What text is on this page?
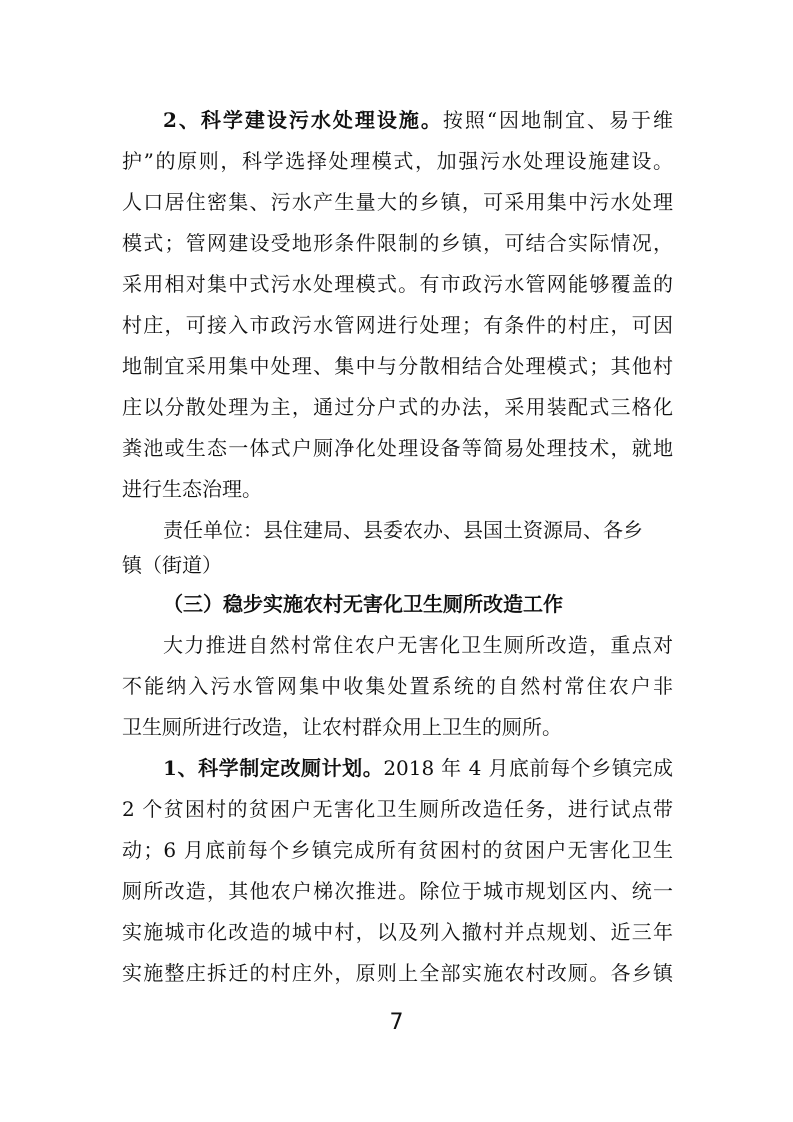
2、科学建设污水处理设施。按照“因地制宜、易于维
护”的原则，科学选择处理模式，加强污水处理设施建设。
人口居住密集、污水产生量大的乡镇，可采用集中污水处理
模式；管网建设受地形条件限制的乡镇，可结合实际情况，
采用相对集中式污水处理模式。有市政污水管网能够覆盖的
村庄，可接入市政污水管网进行处理；有条件的村庄，可因
地制宜采用集中处理、集中与分散相结合处理模式；其他村
庄以分散处理为主，通过分户式的办法，采用装配式三格化
粪池或生态一体式户厕净化处理设备等简易处理技术，就地
进行生态治理。
责任单位：县住建局、县委农办、县国土资源局、各乡
镇（街道）
（三）稳步实施农村无害化卫生厕所改造工作
大力推进自然村常住农户无害化卫生厕所改造，重点对
不能纳入污水管网集中收集处置系统的自然村常住农户非
卫生厕所进行改造，让农村群众用上卫生的厕所。
1、科学制定改厕计划。2018 年 4 月底前每个乡镇完成
2 个贫困村的贫困户无害化卫生厕所改造任务，进行试点带
动；6 月底前每个乡镇完成所有贫困村的贫困户无害化卫生
厕所改造，其他农户梯次推进。除位于城市规划区内、统一
实施城市化改造的城中村，以及列入撤村并点规划、近三年
实施整庄拆迁的村庄外，原则上全部实施农村改厕。各乡镇
7
